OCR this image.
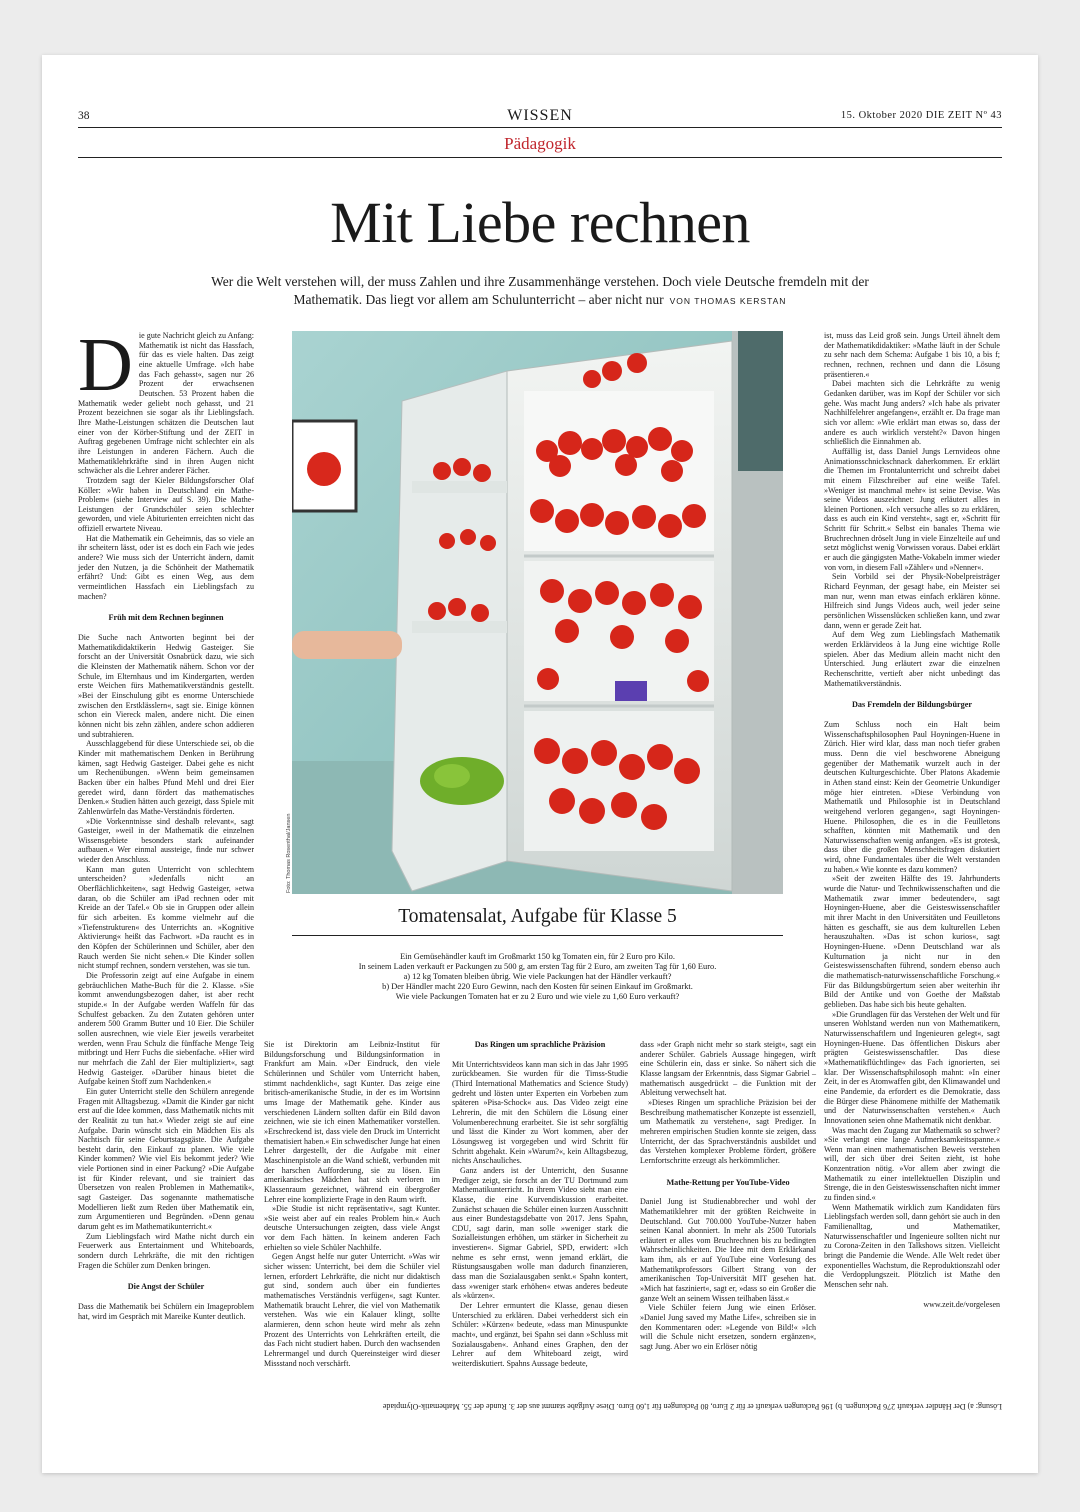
38	WISSEN	15. Oktober 2020 DIE ZEIT Nº 43
Pädagogik
Mit Liebe rechnen
Wer die Welt verstehen will, der muss Zahlen und ihre Zusammenhänge verstehen. Doch viele Deutsche fremdeln mit der Mathematik. Das liegt vor allem am Schulunterricht – aber nicht nur VON THOMAS KERSTAN

Die gute Nachricht gleich zu Anfang: Mathematik ist nicht das Hassfach, für das es viele halten. Das zeigt eine aktuelle Umfrage. »Ich habe das Fach gehasst«, sagen nur 26 Prozent der erwachsenen Deutschen. 53 Prozent haben die Mathematik weder geliebt noch gehasst, und 21 Prozent bezeichnen sie sogar als ihr Lieblingsfach. Ihre Mathe-Leistungen schätzen die Deutschen laut einer von der Körber-Stiftung und der ZEIT in Auftrag gegebenen Umfrage nicht schlechter ein als ihre Leistungen in anderen Fächern. Auch die Mathematiklehrkräfte sind in ihren Augen nicht schwächer als die Lehrer anderer Fächer.

Trotzdem sagt der Kieler Bildungsforscher Olaf Köller: »Wir haben in Deutschland ein Mathe-Problem« (siehe Interview auf S. 39). Die Mathe-Leistungen der Grundschüler seien schlechter geworden, und viele Abiturienten erreichten nicht das offiziell erwartete Niveau.

Hat die Mathematik ein Geheimnis, das so viele an ihr scheitern lässt, oder ist es doch ein Fach wie jedes andere? Wie muss sich der Unterricht ändern, damit jeder den Nutzen, ja die Schönheit der Mathematik erfährt? Und: Gibt es einen Weg, aus dem vermeintlichen Hassfach ein Lieblingsfach zu machen?

Früh mit dem Rechnen beginnen

Die Suche nach Antworten beginnt bei der Mathematikdidaktikerin Hedwig Gasteiger. Sie forscht an der Universität Osnabrück dazu, wie sich die Kleinsten der Mathematik nähern. Schon vor der Schule, im Elternhaus und im Kindergarten, werden erste Weichen fürs Mathematikverständnis gestellt. »Bei der Einschulung gibt es enorme Unterschiede zwischen den Erstklässlern«, sagt sie. Einige können schon ein Viereck malen, andere nicht. Die einen können nicht bis zehn zählen, andere schon addieren und subtrahieren.

Ausschlaggebend für diese Unterschiede sei, ob die Kinder mit mathematischem Denken in Berührung kämen, sagt Hedwig Gasteiger. Dabei gehe es nicht um Rechenübungen. »Wenn beim gemeinsamen Backen über ein halbes Pfund Mehl und drei Eier geredet wird, dann fördert das mathematisches Denken.« Studien hätten auch gezeigt, dass Spiele mit Zahlenwürfeln das Mathe-Verständnis förderten.

»Die Vorkenntnisse sind deshalb relevant«, sagt Gasteiger, »weil in der Mathematik die einzelnen Wissensgebiete besonders stark aufeinander aufbauen.« Wer einmal aussteige, finde nur schwer wieder den Anschluss.

Kann man guten Unterricht von schlechtem unterscheiden? »Jedenfalls nicht an Oberflächlichkeiten«, sagt Hedwig Gasteiger, »etwa daran, ob die Schüler am iPad rechnen oder mit Kreide an der Tafel.« Ob sie in Gruppen oder allein für sich arbeiten. Es komme vielmehr auf die »Tiefenstrukturen« des Unterrichts an. »Kognitive Aktivierung« heißt das Fachwort. »Da raucht es in den Köpfen der Schülerinnen und Schüler, aber den Rauch werden Sie nicht sehen.« Die Kinder sollen nicht stumpf rechnen, sondern verstehen, was sie tun.

Die Professorin zeigt auf eine Aufgabe in einem gebräuchlichen Mathe-Buch für die 2. Klasse. »Sie kommt anwendungsbezogen daher, ist aber recht stupide.« In der Aufgabe werden Waffeln für das Schulfest gebacken. Zu den Zutaten gehören unter anderem 500 Gramm Butter und 10 Eier. Die Schüler sollen ausrechnen, wie viele Eier jeweils verarbeitet werden, wenn Frau Schulz die fünffache Menge Teig mitbringt und Herr Fuchs die siebenfache. »Hier wird nur mehrfach die Zahl der Eier multipliziert«, sagt Hedwig Gasteiger. »Darüber hinaus bietet die Aufgabe keinen Stoff zum Nachdenken.«

Ein guter Unterricht stelle den Schülern anregende Fragen mit Alltagsbezug. »Damit die Kinder gar nicht erst auf die Idee kommen, dass Mathematik nichts mit der Realität zu tun hat.« Wieder zeigt sie auf eine Aufgabe. Darin wünscht sich ein Mädchen Eis als Nachtisch für seine Geburtstagsgäste. Die Aufgabe besteht darin, den Einkauf zu planen. Wie viele Kinder kommen? Wie viel Eis bekommt jeder? Wie viele Portionen sind in einer Packung? »Die Aufgabe ist für Kinder relevant, und sie trainiert das Übersetzen von realen Problemen in Mathematik«, sagt Gasteiger. Das sogenannte mathematische Modellieren ließt zum Reden über Mathematik ein, zum Argumentieren und Begründen. »Denn genau darum geht es im Mathematikunterricht.«

Zum Lieblingsfach wird Mathe nicht durch ein Feuerwerk aus Entertainment und Whiteboards, sondern durch Lehrkräfte, die mit den richtigen Fragen die Schüler zum Denken bringen.

Die Angst der Schüler

Dass die Mathematik bei Schülern ein Imageproblem hat, wird im Gespräch mit Mareike Kunter deutlich.

Foto: Thomas Rosenthal/Jansen
Tomatensalat, Aufgabe für Klasse 5
Ein Gemüsehändler kauft im Großmarkt 150 kg Tomaten ein, für 2 Euro pro Kilo.
In seinem Laden verkauft er Packungen zu 500 g, am ersten Tag für 2 Euro, am zweiten Tag für 1,60 Euro.
a) 12 kg Tomaten bleiben übrig. Wie viele Packungen hat der Händler verkauft?
b) Der Händler macht 220 Euro Gewinn, nach den Kosten für seinen Einkauf im Großmarkt.
Wie viele Packungen Tomaten hat er zu 2 Euro und wie viele zu 1,60 Euro verkauft?

Sie ist Direktorin am Leibniz-Institut für Bildungsforschung und Bildungsinformation in Frankfurt am Main. »Der Eindruck, den viele Schülerinnen und Schüler vom Unterricht haben, stimmt nachdenklich«, sagt Kunter. Das zeige eine britisch-amerikanische Studie, in der es im Wortsinn ums Image der Mathematik gehe. Kinder aus verschiedenen Ländern sollten dafür ein Bild davon zeichnen, wie sie ich einen Mathematiker vorstellen. »Erschreckend ist, dass viele den Druck im Unterricht thematisiert haben.« Ein schwedischer Junge hat einen Lehrer dargestellt, der die Aufgabe mit einer Maschinenpistole an die Wand schießt, verbunden mit der harschen Aufforderung, sie zu lösen. Ein amerikanisches Mädchen hat sich verloren im Klassenraum gezeichnet, während ein übergroßer Lehrer eine komplizierte Frage in den Raum wirft.

»Die Studie ist nicht repräsentativ«, sagt Kunter. »Sie weist aber auf ein reales Problem hin.« Auch deutsche Untersuchungen zeigten, dass viele Angst vor dem Fach hätten. In keinem anderen Fach erhielten so viele Schüler Nachhilfe.

Gegen Angst helfe nur guter Unterricht. »Was wir sicher wissen: Unterricht, bei dem die Schüler viel lernen, erfordert Lehrkräfte, die nicht nur didaktisch gut sind, sondern auch über ein fundiertes mathematisches Verständnis verfügen«, sagt Kunter. Mathematik braucht Lehrer, die viel von Mathematik verstehen. Was wie ein Kalauer klingt, sollte alarmieren, denn schon heute wird mehr als zehn Prozent des Unterrichts von Lehrkräften erteilt, die das Fach nicht studiert haben. Durch den wachsenden Lehrermangel und durch Quereinsteiger wird dieser Missstand noch verschärft.

Das Ringen um sprachliche Präzision

Mit Unterrichtsvideos kann man sich in das Jahr 1995 zurückbeamen. Sie wurden für die Timss-Studie (Third International Mathematics and Science Study) gedreht und lösten unter Experten ein Vorbeben zum späteren »Pisa-Schock« aus. Das Video zeigt eine Lehrerin, die mit den Schülern die Lösung einer Volumenberechnung erarbeitet. Sie ist sehr sorgfältig und lässt die Kinder zu Wort kommen, aber der Lösungsweg ist vorgegeben und wird Schritt für Schritt abgehakt. Kein »Warum?«, kein Alltagsbezug, nichts Anschauliches.

Ganz anders ist der Unterricht, den Susanne Prediger zeigt, sie forscht an der TU Dortmund zum Mathematikunterricht. In ihrem Video sieht man eine Klasse, die eine Kurvendiskussion erarbeitet. Zunächst schauen die Schüler einen kurzen Ausschnitt aus einer Bundestagsdebatte von 2017. Jens Spahn, CDU, sagt darin, man solle »weniger stark die Sozialleistungen erhöhen, um stärker in Sicherheit zu investieren«. Sigmar Gabriel, SPD, erwidert: »Ich nehme es sehr ernst, wenn jemand erklärt, die Rüstungsausgaben wolle man dadurch finanzieren, dass man die Sozialausgaben senkt.« Spahn kontert, dass »weniger stark erhöhen« etwas anderes bedeute als »kürzen«.

Der Lehrer ermuntert die Klasse, genau diesen Unterschied zu erklären. Dabei verhedderst sich ein Schüler: »Kürzen« bedeute, »dass man Minuspunkte macht«, und ergänzt, bei Spahn sei dann »Schluss mit Sozialausgaben«. Anhand eines Graphen, den der Lehrer auf dem Whiteboard zeigt, wird weiterdiskutiert. Spahns Aussage bedeute,

dass »der Graph nicht mehr so stark steigt«, sagt ein anderer Schüler. Gabriels Aussage hingegen, wirft eine Schülerin ein, dass er sinke. So nähert sich die Klasse langsam der Erkenntnis, dass Sigmar Gabriel – mathematisch ausgedrückt – die Funktion mit der Ableitung verwechselt hat.

»Dieses Ringen um sprachliche Präzision bei der Beschreibung mathematischer Konzepte ist essenziell, um Mathematik zu verstehen«, sagt Prediger. In mehreren empirischen Studien konnte sie zeigen, dass Unterricht, der das Sprachverständnis ausbildet und das Verstehen komplexer Probleme fördert, größere Lernfortschritte erzeugt als herkömmlicher.

Mathe-Rettung per YouTube-Video

Daniel Jung ist Studienabbrecher und wohl der Mathematiklehrer mit der größten Reichweite in Deutschland. Gut 700.000 YouTube-Nutzer haben seinen Kanal abonniert. In mehr als 2500 Tutorials erläutert er alles vom Bruchrechnen bis zu bedingten Wahrscheinlichkeiten. Die Idee mit dem Erklärkanal kam ihm, als er auf YouTube eine Vorlesung des Mathematikprofessors Gilbert Strang von der amerikanischen Top-Universität MIT gesehen hat. »Mich hat fasziniert«, sagt er, »dass so ein Großer die ganze Welt an seinem Wissen teilhaben lässt.«

Viele Schüler feiern Jung wie einen Erlöser. »Daniel Jung saved my Mathe Life«, schreiben sie in den Kommentaren oder: »Legende von Bild!« »Ich will die Schule nicht ersetzen, sondern ergänzen«, sagt Jung. Aber wo ein Erlöser nötig

ist, muss das Leid groß sein. Jungs Urteil ähnelt dem der Mathematikdidaktiker: »Mathe läuft in der Schule zu sehr nach dem Schema: Aufgabe 1 bis 10, a bis f; rechnen, rechnen, rechnen und dann die Lösung präsentieren.«

Dabei machten sich die Lehrkräfte zu wenig Gedanken darüber, was im Kopf der Schüler vor sich gehe. Was macht Jung anders? »Ich habe als privater Nachhilfelehrer angefangen«, erzählt er. Da frage man sich vor allem: »Wie erklärt man etwas so, dass der andere es auch wirklich versteht?« Davon hingen schließlich die Einnahmen ab.

Auffällig ist, dass Daniel Jungs Lernvideos ohne Animationsschnickschnack daherkommen. Er erklärt die Themen im Frontalunterricht und schreibt dabei mit einem Filzschreiber auf eine weiße Tafel. »Weniger ist manchmal mehr« ist seine Devise. Was seine Videos auszeichnet: Jung erläutert alles in kleinen Portionen. »Ich versuche alles so zu erklären, dass es auch ein Kind versteht«, sagt er, »Schritt für Schritt für Schritt.« Selbst ein banales Thema wie Bruchrechnen dröselt Jung in viele Einzelteile auf und setzt möglichst wenig Vorwissen voraus. Dabei erklärt er auch die gängigsten Mathe-Vokabeln immer wieder von vorn, in diesem Fall »Zähler« und »Nenner«.

Sein Vorbild sei der Physik-Nobelpreisträger Richard Feynman, der gesagt habe, ein Meister sei man nur, wenn man etwas einfach erklären könne. Hilfreich sind Jungs Videos auch, weil jeder seine persönlichen Wissenslücken schließen kann, und zwar dann, wenn er gerade Zeit hat.

Auf dem Weg zum Lieblingsfach Mathematik werden Erklärvideos à la Jung eine wichtige Rolle spielen. Aber das Medium allein macht nicht den Unterschied. Jung erläutert zwar die einzelnen Rechenschritte, vertieft aber nicht unbedingt das Mathematikverständnis.

Das Fremdeln der Bildungsbürger

Zum Schluss noch ein Halt beim Wissenschaftsphilosophen Paul Hoyningen-Huene in Zürich. Hier wird klar, dass man noch tiefer graben muss. Denn die viel beschworene Abneigung gegenüber der Mathematik wurzelt auch in der deutschen Kulturgeschichte. Über Platons Akademie in Athen stand einst: Kein der Geometrie Unkundiger möge hier eintreten. »Diese Verbindung von Mathematik und Philosophie ist in Deutschland weitgehend verloren gegangen«, sagt Hoyningen-Huene. Philosophen, die es in die Feuilletons schafften, könnten mit Mathematik und den Naturwissenschaften wenig anfangen. »Es ist grotesk, dass über die großen Menschheitsfragen diskutiert wird, ohne Fundamentales über die Welt verstanden zu haben.« Wie konnte es dazu kommen?

»Seit der zweiten Hälfte des 19. Jahrhunderts wurde die Natur- und Technikwissenschaften und die Mathematik zwar immer bedeutender«, sagt Hoyningen-Huene, aber die Geisteswissenschaftler mit ihrer Macht in den Universitäten und Feuilletons hätten es geschafft, sie aus dem kulturellen Leben herauszuhalten. »Das ist schon kurios«, sagt Hoyningen-Huene. »Denn Deutschland war als Kulturnation ja nicht nur in den Geisteswissenschaften führend, sondern ebenso auch die mathematisch-naturwissenschaftliche Forschung.« Für das Bildungsbürgertum seien aber weiterhin ihr Bild der Antike und von Goethe der Maßstab geblieben. Das habe sich bis heute gehalten.

»Die Grundlagen für das Verstehen der Welt und für unseren Wohlstand werden nun von Mathematikern, Naturwissenschaftlern und Ingenieuren gelegt«, sagt Hoyningen-Huene. Das öffentlichen Diskurs aber prägten Geisteswissenschaftler. Das diese »Mathematikflüchtlinge« das Fach ignorierten, sei klar. Der Wissenschaftsphilosoph mahnt: »In einer Zeit, in der es Atomwaffen gibt, den Klimawandel und eine Pandemie, da erfordert es die Demokratie, dass die Bürger diese Phänomene mithilfe der Mathematik und der Naturwissenschaften verstehen.« Auch Innovationen seien ohne Mathematik nicht denkbar.

Was macht den Zugang zur Mathematik so schwer? »Sie verlangt eine lange Aufmerksamkeitsspanne.« Wenn man einen mathematischen Beweis verstehen will, der sich über drei Seiten zieht, ist hohe Konzentration nötig. »Vor allem aber zwingt die Mathematik zu einer intellektuellen Disziplin und Strenge, die in den Geisteswissenschaften nicht immer zu finden sind.«

Wenn Mathematik wirklich zum Kandidaten fürs Lieblingsfach werden soll, dann gehört sie auch in den Familienalltag, und Mathematiker, Naturwissenschaftler und Ingenieure sollten nicht nur zu Corona-Zeiten in den Talkshows sitzen. Vielleicht bringt die Pandemie die Wende. Alle Welt redet über exponentielles Wachstum, die Reproduktionszahl oder die Verdopplungszeit. Plötzlich ist Mathe den Menschen sehr nah.

www.zeit.de/vorgelesen
Lösung: a) Der Händler verkauft 276 Packungen. b) 196 Packungen verkauft er für 2 Euro, 80 Packungen für 1,60 Euro. Diese Aufgabe stammt aus der 3. Runde der 55. Mathematik-Olympiade
